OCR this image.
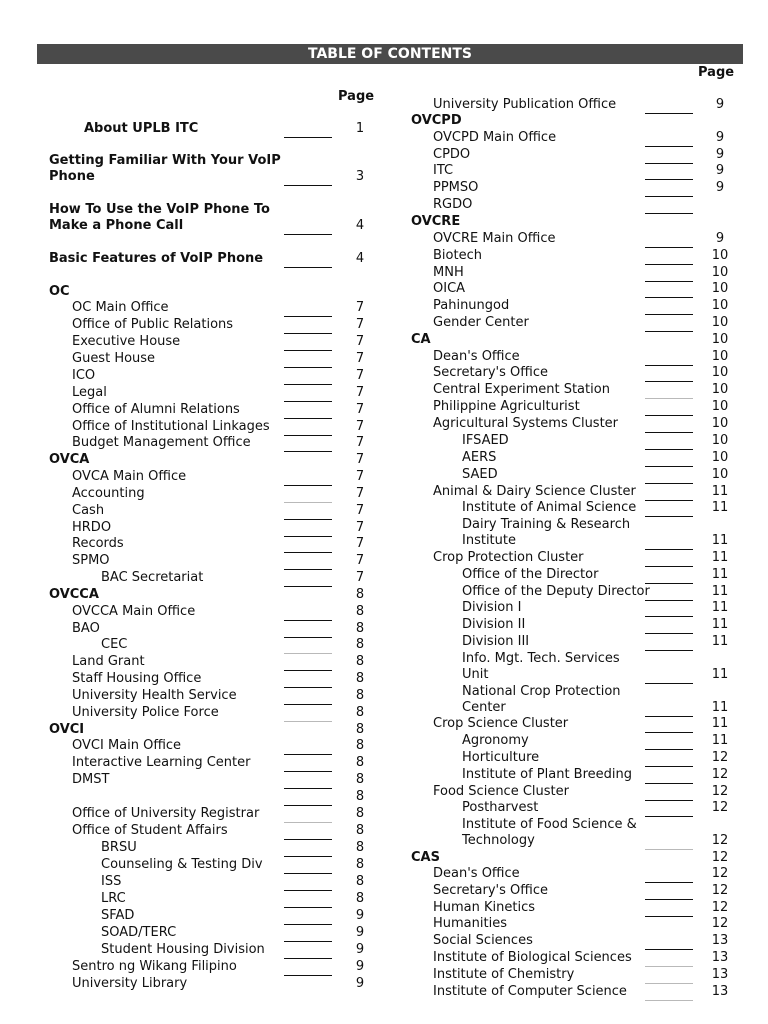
TABLE OF CONTENTS
Page
Page
About UPLB ITC	1
Getting Familiar With Your VoIP
Phone	3
How To Use the VoIP Phone To
Make a Phone Call	4
Basic Features of VoIP Phone	4
OC
OC Main Office	7
Office of Public Relations	7
Executive House	7
Guest House	7
ICO	7
Legal	7
Office of Alumni Relations	7
Office of Institutional Linkages	7
Budget Management Office	7
OVCA	7
OVCA Main Office	7
Accounting	7
Cash	7
HRDO	7
Records	7
SPMO	7
BAC Secretariat	7
OVCCA	8
OVCCA Main Office	8
BAO	8
CEC	8
Land Grant	8
Staff Housing Office	8
University Health Service	8
University Police Force	8
OVCI	8
OVCI Main Office	8
Interactive Learning Center	8
DMST	8
8
Office of University Registrar	8
Office of Student Affairs	8
BRSU	8
Counseling & Testing Div	8
ISS	8
LRC	8
SFAD	9
SOAD/TERC	9
Student Housing Division	9
Sentro ng Wikang Filipino	9
University Library	9
University Publication Office	9
OVCPD
OVCPD Main Office	9
CPDO	9
ITC	9
PPMSO	9
RGDO
OVCRE
OVCRE Main Office	9
Biotech	10
MNH	10
OICA	10
Pahinungod	10
Gender Center	10
CA	10
Dean's Office	10
Secretary's Office	10
Central Experiment Station	10
Philippine Agriculturist	10
Agricultural Systems Cluster	10
IFSAED	10
AERS	10
SAED	10
Animal & Dairy Science Cluster	11
Institute of Animal Science	11
Dairy Training & Research
Institute	11
Crop Protection Cluster	11
Office of the Director	11
Office of the Deputy Director	11
Division I	11
Division II	11
Division III	11
Info. Mgt. Tech. Services
Unit	11
National Crop Protection
Center	11
Crop Science Cluster	11
Agronomy	11
Horticulture	12
Institute of Plant Breeding	12
Food Science Cluster	12
Postharvest	12
Institute of Food Science &
Technology	12
CAS	12
Dean's Office	12
Secretary's Office	12
Human Kinetics	12
Humanities	12
Social Sciences	13
Institute of Biological Sciences	13
Institute of Chemistry	13
Institute of Computer Science	13
